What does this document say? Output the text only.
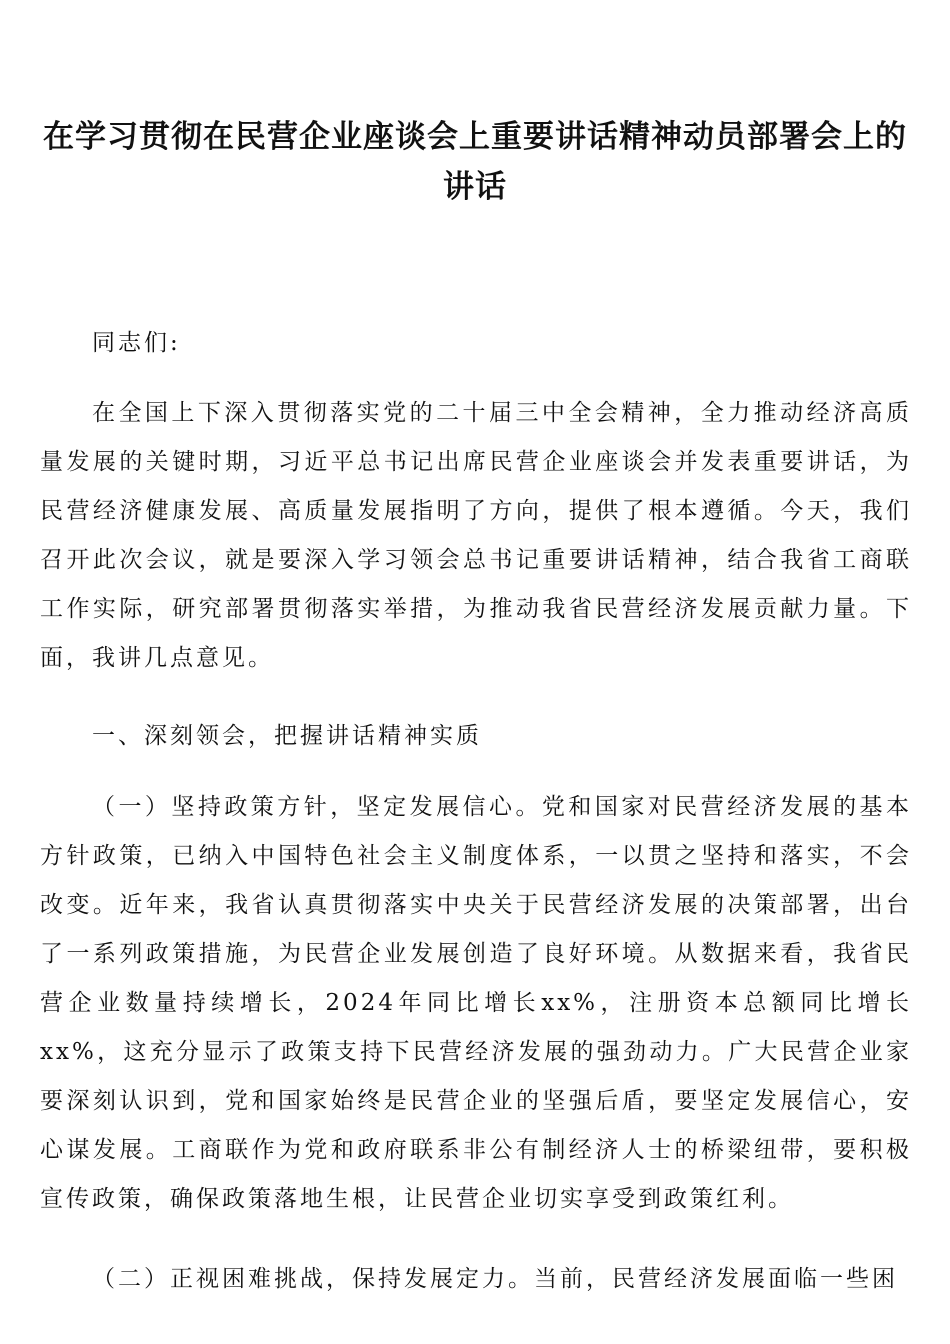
在学习贯彻在民营企业座谈会上重要讲话精神动员部署会上的讲话

同志们:

在全国上下深入贯彻落实党的二十届三中全会精神，全力推动经济高质量发展的关键时期，习近平总书记出席民营企业座谈会并发表重要讲话，为民营经济健康发展、高质量发展指明了方向，提供了根本遵循。今天，我们召开此次会议，就是要深入学习领会总书记重要讲话精神，结合我省工商联工作实际，研究部署贯彻落实举措，为推动我省民营经济发展贡献力量。下面，我讲几点意见。

一、深刻领会，把握讲话精神实质

（一）坚持政策方针，坚定发展信心。党和国家对民营经济发展的基本方针政策，已纳入中国特色社会主义制度体系，一以贯之坚持和落实，不会改变。近年来，我省认真贯彻落实中央关于民营经济发展的决策部署，出台了一系列政策措施，为民营企业发展创造了良好环境。从数据来看，我省民营企业数量持续增长，2024年同比增长xx%，注册资本总额同比增长xx%，这充分显示了政策支持下民营经济发展的强劲动力。广大民营企业家要深刻认识到，党和国家始终是民营企业的坚强后盾，要坚定发展信心，安心谋发展。工商联作为党和政府联系非公有制经济人士的桥梁纽带，要积极宣传政策，确保政策落地生根，让民营企业切实享受到政策红利。

（二）正视困难挑战，保持发展定力。当前，民营经济发展面临一些困
